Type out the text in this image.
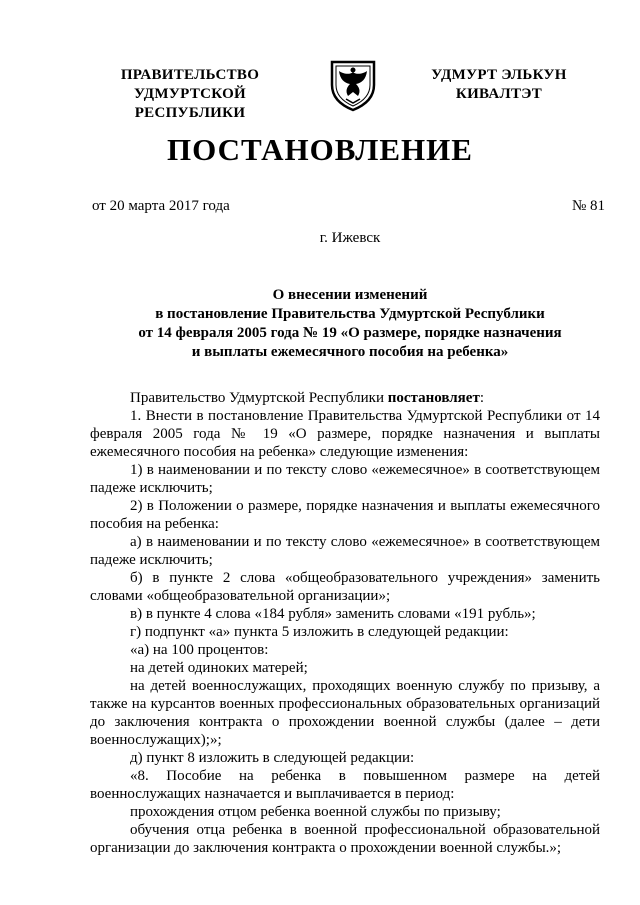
ПРАВИТЕЛЬСТВО
УДМУРТСКОЙ РЕСПУБЛИКИ
УДМУРТ ЭЛЬКУН
КИВАЛТЭТ
ПОСТАНОВЛЕНИЕ
от 20 марта 2017 года	№ 81
г. Ижевск
О внесении изменений
в постановление Правительства Удмуртской Республики
от 14 февраля 2005 года № 19 «О размере, порядке назначения
и выплаты ежемесячного пособия на ребенка»

Правительство Удмуртской Республики постановляет:

1. Внести в постановление Правительства Удмуртской Республики от 14 февраля 2005 года № 19 «О размере, порядке назначения и выплаты ежемесячного пособия на ребенка» следующие изменения:

1) в наименовании и по тексту слово «ежемесячное» в соответствующем падеже исключить;

2) в Положении о размере, порядке назначения и выплаты ежемесячного пособия на ребенка:

а) в наименовании и по тексту слово «ежемесячное» в соответствующем падеже исключить;

б) в пункте 2 слова «общеобразовательного учреждения» заменить словами «общеобразовательной организации»;

в) в пункте 4 слова «184 рубля» заменить словами «191 рубль»;

г) подпункт «а» пункта 5 изложить в следующей редакции:

«а) на 100 процентов:

на детей одиноких матерей;

на детей военнослужащих, проходящих военную службу по призыву, а также на курсантов военных профессиональных образовательных организаций до заключения контракта о прохождении военной службы (далее – дети военнослужащих);»;

д) пункт 8 изложить в следующей редакции:

«8. Пособие на ребенка в повышенном размере на детей военнослужащих назначается и выплачивается в период:

прохождения отцом ребенка военной службы по призыву;

обучения отца ребенка в военной профессиональной образовательной организации до заключения контракта о прохождении военной службы.»;
